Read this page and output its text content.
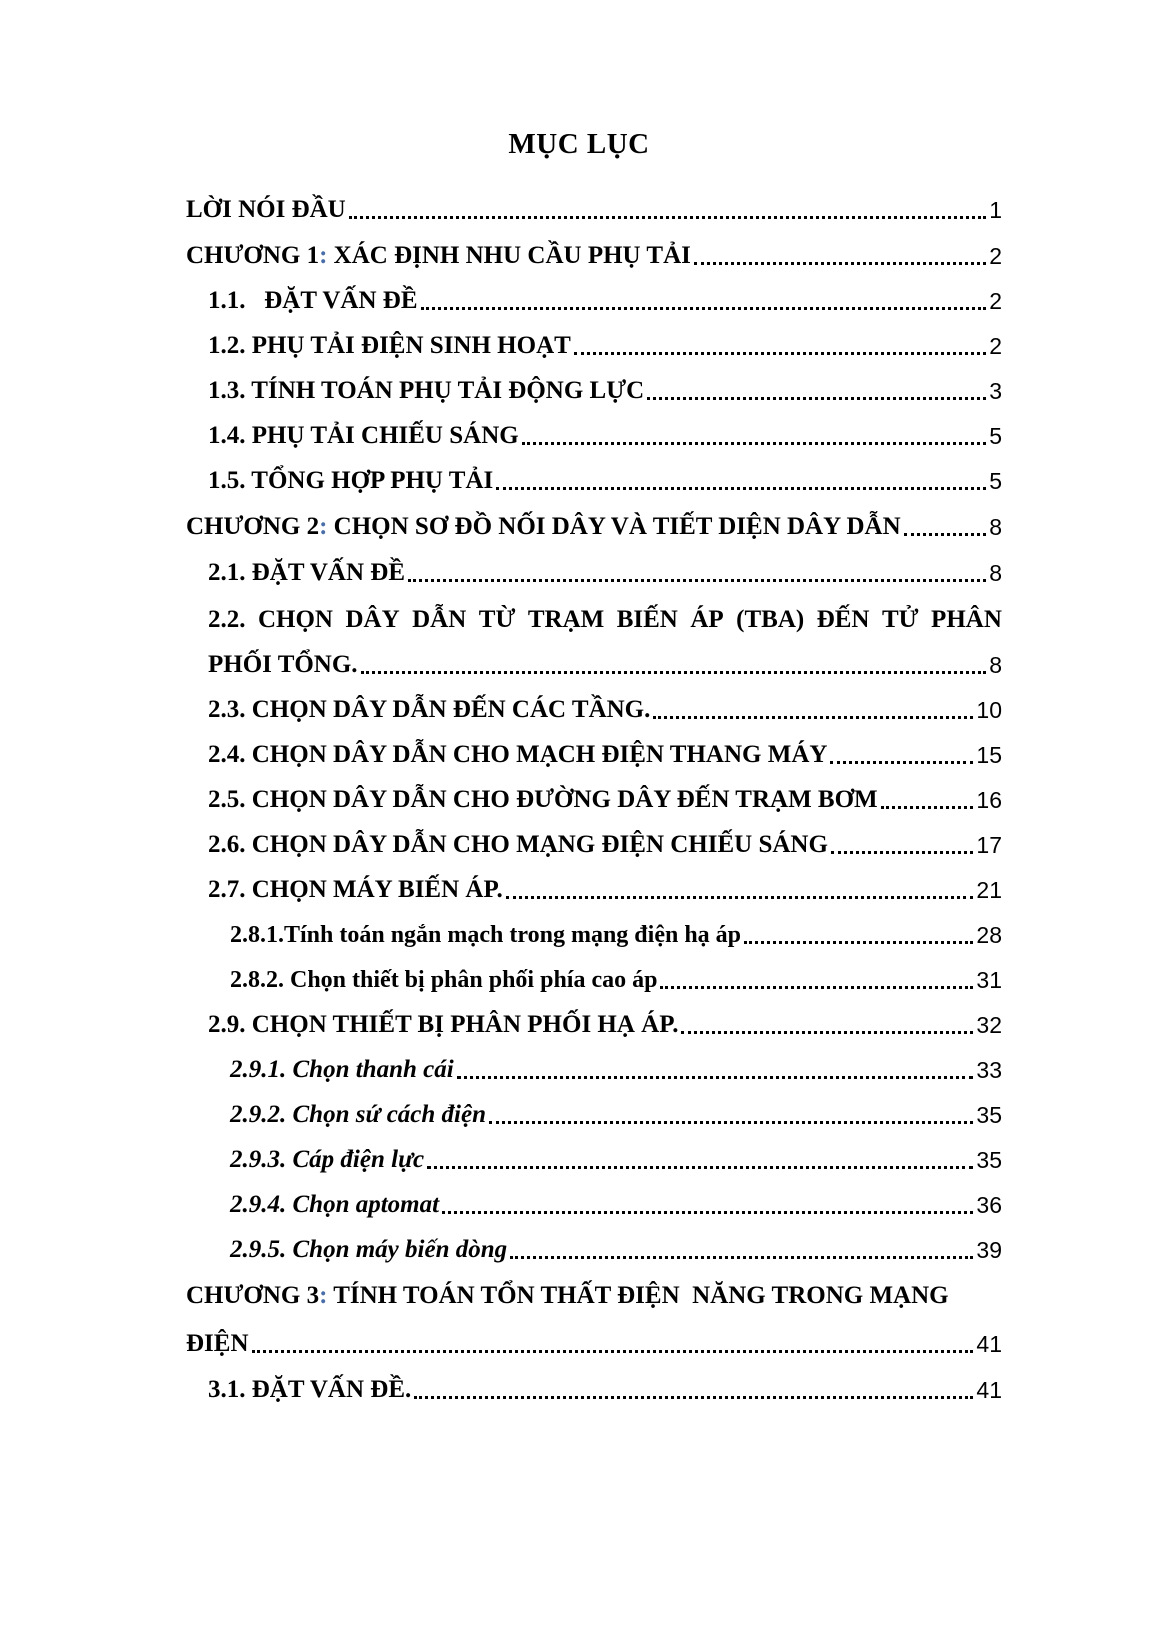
MỤC LỤC
LỜI NÓI ĐẦU	1
CHƯƠNG 1: XÁC ĐỊNH NHU CẦU PHỤ TẢI	2
1.1.   ĐẶT VẤN ĐỀ	2
1.2. PHỤ TẢI ĐIỆN SINH HOẠT	2
1.3. TÍNH TOÁN PHỤ TẢI ĐỘNG LỰC	3
1.4. PHỤ TẢI CHIẾU SÁNG	5
1.5. TỔNG HỢP PHỤ TẢI	5
CHƯƠNG 2: CHỌN SƠ ĐỒ NỐI DÂY VÀ TIẾT DIỆN DÂY DẪN	8
2.1. ĐẶT VẤN ĐỀ	8
2.2. CHỌN DÂY DẪN TỪ TRẠM BIẾN ÁP (TBA) ĐẾN TỬ PHÂN
PHỐI TỔNG.	8
2.3. CHỌN DÂY DẪN ĐẾN CÁC TẦNG.	10
2.4. CHỌN DÂY DẪN CHO MẠCH ĐIỆN THANG MÁY	15
2.5. CHỌN DÂY DẪN CHO ĐƯỜNG DÂY ĐẾN TRẠM BƠM	16
2.6. CHỌN DÂY DẪN CHO MẠNG ĐIỆN CHIẾU SÁNG	17
2.7. CHỌN MÁY BIẾN ÁP.	21
2.8.1.Tính toán ngắn mạch trong mạng điện hạ áp	28
2.8.2. Chọn thiết bị phân phối phía cao áp	31
2.9. CHỌN THIẾT BỊ PHÂN PHỐI HẠ ÁP.	32
2.9.1. Chọn thanh cái	33
2.9.2. Chọn sứ cách điện	35
2.9.3. Cáp điện lực	35
2.9.4. Chọn aptomat	36
2.9.5. Chọn máy biến dòng	39
CHƯƠNG 3: TÍNH TOÁN TỔN THẤT ĐIỆN  NĂNG TRONG MẠNG
ĐIỆN	41
3.1. ĐẶT VẤN ĐỀ.	41
